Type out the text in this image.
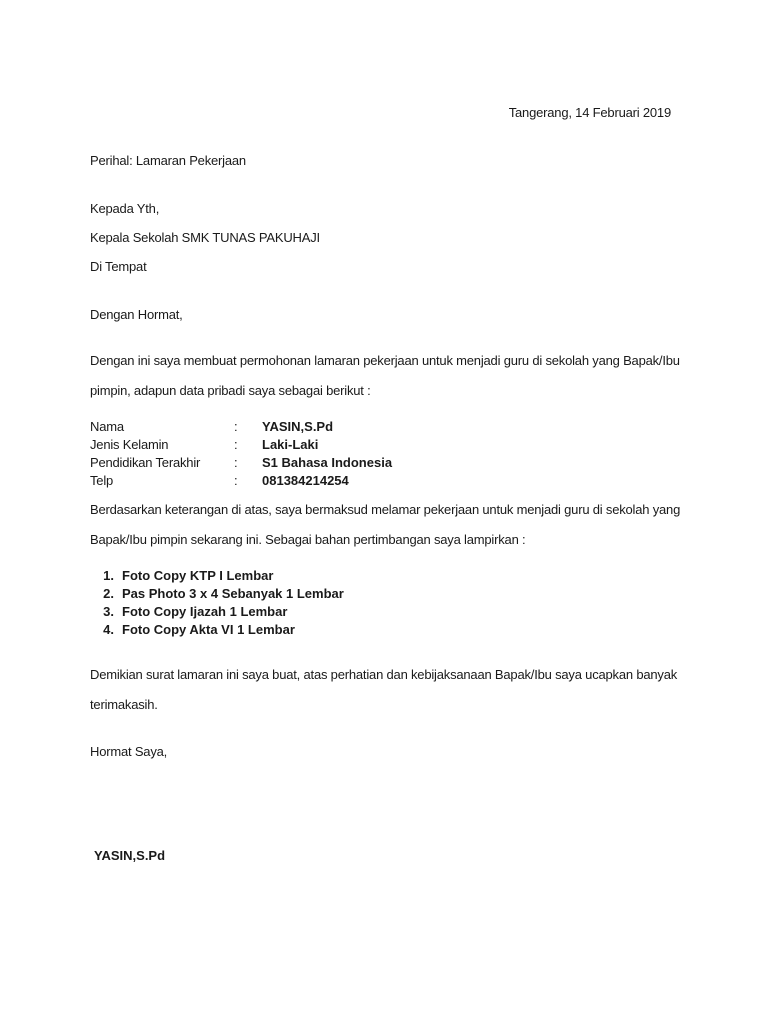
Tangerang, 14 Februari 2019
Perihal: Lamaran Pekerjaan
Kepada Yth,
Kepala Sekolah SMK TUNAS PAKUHAJI
Di Tempat
Dengan Hormat,
Dengan ini saya membuat permohonan lamaran pekerjaan untuk menjadi guru di sekolah yang Bapak/Ibu
pimpin, adapun data pribadi saya sebagai berikut :
Nama	: YASIN,S.Pd
Jenis Kelamin	: Laki-Laki
Pendidikan Terakhir	: S1 Bahasa Indonesia
Telp	: 081384214254
Berdasarkan keterangan di atas, saya bermaksud melamar pekerjaan untuk menjadi guru di sekolah yang
Bapak/Ibu pimpin sekarang ini. Sebagai bahan pertimbangan saya lampirkan :
1. Foto Copy KTP I Lembar
2. Pas Photo 3 x 4 Sebanyak 1 Lembar
3. Foto Copy Ijazah 1 Lembar
4. Foto Copy Akta VI 1 Lembar
Demikian surat lamaran ini saya buat, atas perhatian dan kebijaksanaan Bapak/Ibu saya ucapkan banyak
terimakasih.
Hormat Saya,
YASIN,S.Pd
